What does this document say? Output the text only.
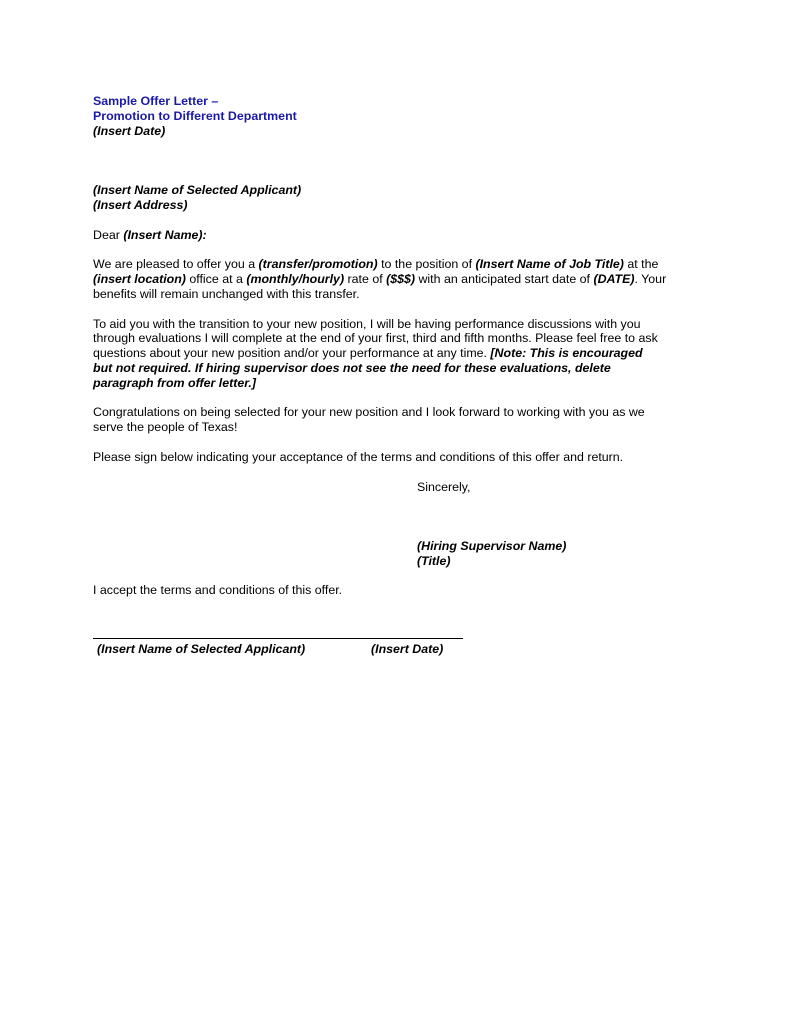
Sample Offer Letter –
Promotion to Different Department
(Insert Date)
(Insert Name of Selected Applicant)
(Insert Address)
Dear (Insert Name):
We are pleased to offer you a (transfer/promotion) to the position of (Insert Name of Job Title) at the
(insert location) office at a (monthly/hourly) rate of ($$$) with an anticipated start date of (DATE). Your
benefits will remain unchanged with this transfer.
To aid you with the transition to your new position, I will be having performance discussions with you
through evaluations I will complete at the end of your first, third and fifth months. Please feel free to ask
questions about your new position and/or your performance at any time. [Note: This is encouraged
but not required. If hiring supervisor does not see the need for these evaluations, delete
paragraph from offer letter.]
Congratulations on being selected for your new position and I look forward to working with you as we
serve the people of Texas!
Please sign below indicating your acceptance of the terms and conditions of this offer and return.
Sincerely,
(Hiring Supervisor Name)
(Title)
I accept the terms and conditions of this offer.
(Insert Name of Selected Applicant)	(Insert Date)
